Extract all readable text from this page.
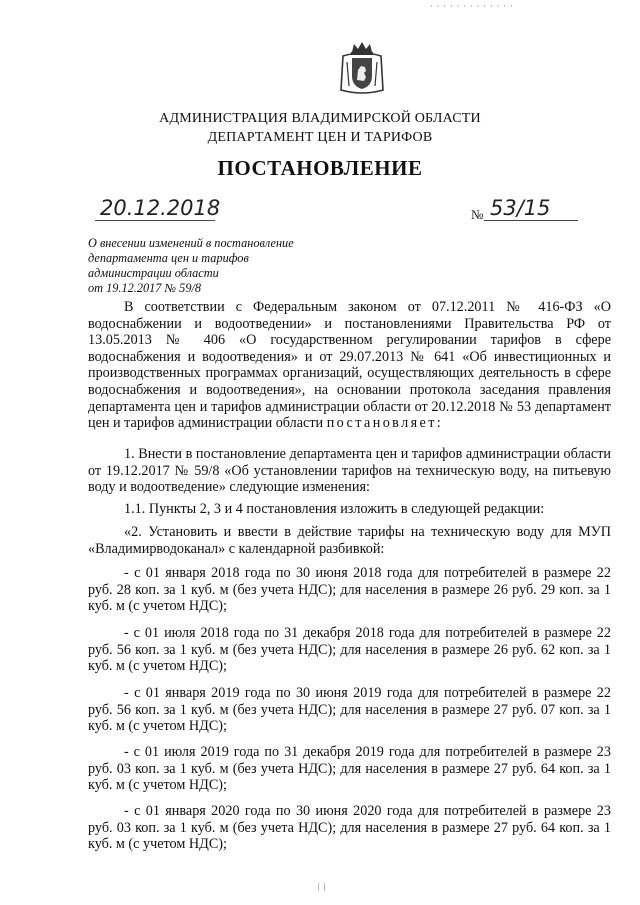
· · · · · · · · · · · · ·
АДМИНИСТРАЦИЯ ВЛАДИМИРСКОЙ ОБЛАСТИ
ДЕПАРТАМЕНТ ЦЕН И ТАРИФОВ
ПОСТАНОВЛЕНИЕ
20.12.2018	№ 53/15
О внесении изменений в постановление
департамента цен и тарифов
администрации области
от 19.12.2017 № 59/8
В соответствии с Федеральным законом от 07.12.2011 № 416-ФЗ «О водоснабжении и водоотведении» и постановлениями Правительства РФ от 13.05.2013 № 406 «О государственном регулировании тарифов в сфере водоснабжения и водоотведения» и от 29.07.2013 № 641 «Об инвестиционных и производственных программах организаций, осуществляющих деятельность в сфере водоснабжения и водоотведения», на основании протокола заседания правления департамента цен и тарифов администрации области от 20.12.2018 № 53 департамент цен и тарифов администрации области постановляет:
1. Внести в постановление департамента цен и тарифов администрации области от 19.12.2017 № 59/8 «Об установлении тарифов на техническую воду, на питьевую воду и водоотведение» следующие изменения:
1.1. Пункты 2, 3 и 4 постановления изложить в следующей редакции:
«2. Установить и ввести в действие тарифы на техническую воду для МУП «Владимирводоканал» с календарной разбивкой:
- с 01 января 2018 года по 30 июня 2018 года для потребителей в размере 22 руб. 28 коп. за 1 куб. м (без учета НДС); для населения в размере 26 руб. 29 коп. за 1 куб. м (с учетом НДС);
- с 01 июля 2018 года по 31 декабря 2018 года для потребителей в размере 22 руб. 56 коп. за 1 куб. м (без учета НДС); для населения в размере 26 руб. 62 коп. за 1 куб. м (с учетом НДС);
- с 01 января 2019 года по 30 июня 2019 года для потребителей в размере 22 руб. 56 коп. за 1 куб. м (без учета НДС); для населения в размере 27 руб. 07 коп. за 1 куб. м (с учетом НДС);
- с 01 июля 2019 года по 31 декабря 2019 года для потребителей в размере 23 руб. 03 коп. за 1 куб. м (без учета НДС); для населения в размере 27 руб. 64 коп. за 1 куб. м (с учетом НДС);
- с 01 января 2020 года по 30 июня 2020 года для потребителей в размере 23 руб. 03 коп. за 1 куб. м (без учета НДС); для населения в размере 27 руб. 64 коп. за 1 куб. м (с учетом НДС);
| |
